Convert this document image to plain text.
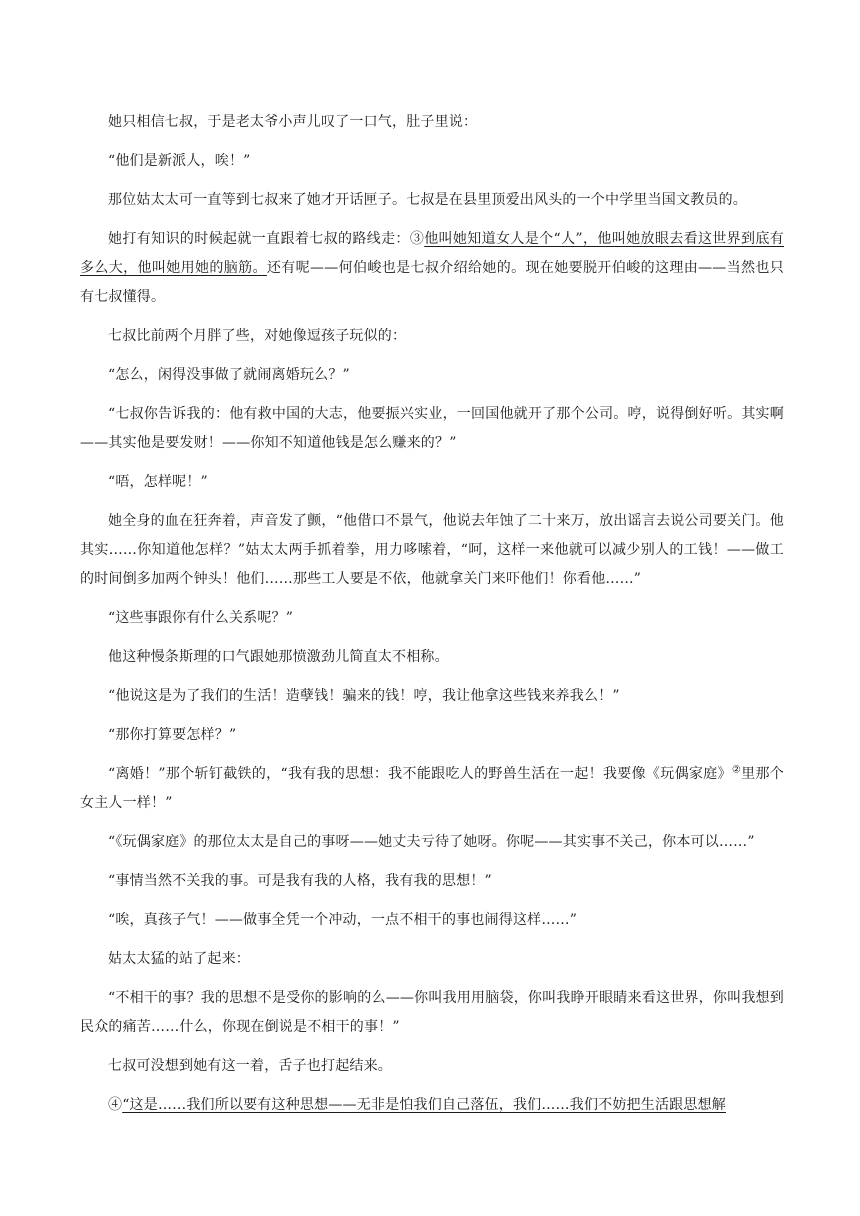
她只相信七叔，于是老太爷小声儿叹了一口气，肚子里说：

“他们是新派人，唉！”

那位姑太太可一直等到七叔来了她才开话匣子。七叔是在县里顶爱出风头的一个中学里当国文教员的。

她打有知识的时候起就一直跟着七叔的路线走：③他叫她知道女人是个“人”，他叫她放眼去看这世界到底有多么大，他叫她用她的脑筋。还有呢——何伯峻也是七叔介绍给她的。现在她要脱开伯峻的这理由——当然也只有七叔懂得。

七叔比前两个月胖了些，对她像逗孩子玩似的：

“怎么，闲得没事做了就闹离婚玩么？”

“七叔你告诉我的：他有救中国的大志，他要振兴实业，一回国他就开了那个公司。哼，说得倒好听。其实啊——其实他是要发财！——你知不知道他钱是怎么赚来的？”

“唔，怎样呢！”

她全身的血在狂奔着，声音发了颤，“他借口不景气，他说去年蚀了二十来万，放出谣言去说公司要关门。他其实……你知道他怎样？”姑太太两手抓着拳，用力哆嗦着，“呵，这样一来他就可以减少别人的工钱！——做工的时间倒多加两个钟头！他们……那些工人要是不依，他就拿关门来吓他们！你看他……”

“这些事跟你有什么关系呢？”

他这种慢条斯理的口气跟她那愤激劲儿简直太不相称。

“他说这是为了我们的生活！造孽钱！骗来的钱！哼，我让他拿这些钱来养我么！”

“那你打算要怎样？”

“离婚！”那个斩钉截铁的，“我有我的思想：我不能跟吃人的野兽生活在一起！我要像《玩偶家庭》②里那个女主人一样！”

“《玩偶家庭》的那位太太是自己的事呀——她丈夫亏待了她呀。你呢——其实事不关己，你本可以……”

“事情当然不关我的事。可是我有我的人格，我有我的思想！”

“唉，真孩子气！——做事全凭一个冲动，一点不相干的事也闹得这样……”

姑太太猛的站了起来：

“不相干的事？我的思想不是受你的影响的么——你叫我用用脑袋，你叫我睁开眼睛来看这世界，你叫我想到民众的痛苦……什么，你现在倒说是不相干的事！”

七叔可没想到她有这一着，舌子也打起结来。

④“这是……我们所以要有这种思想——无非是怕我们自己落伍，我们……我们不妨把生活跟思想解
